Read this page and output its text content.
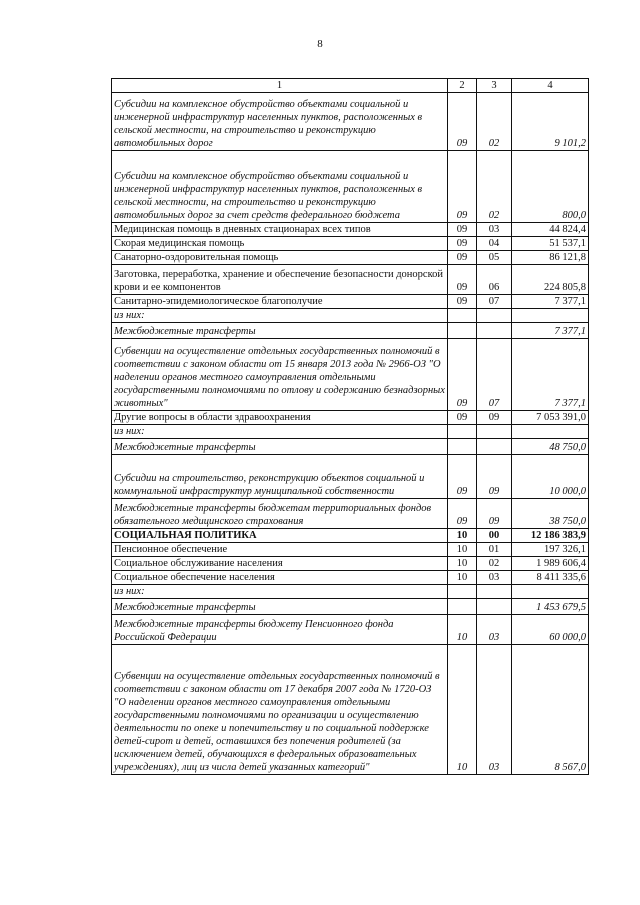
8
1	2	3	4
Субсидии на комплексное обустройство объектами социальной и инженерной инфраструктур населенных пунктов, расположенных в сельской местности, на строительство и реконструкцию автомобильных дорог	09	02	9 101,2
Субсидии на комплексное обустройство объектами социальной и инженерной инфраструктур населенных пунктов, расположенных в сельской местности, на строительство и реконструкцию автомобильных дорог за счет средств федерального бюджета	09	02	800,0
Медицинская помощь в дневных стационарах всех типов	09	03	44 824,4
Скорая медицинская помощь	09	04	51 537,1
Санаторно-оздоровительная помощь	09	05	86 121,8
Заготовка, переработка, хранение и обеспечение безопасности донорской крови и ее компонентов	09	06	224 805,8
Санитарно-эпидемиологическое благополучие	09	07	7 377,1
из них:			
Межбюджетные трансферты			7 377,1
Субвенции на осуществление отдельных государственных полномочий в соответствии с законом области от 15 января 2013 года № 2966-ОЗ "О наделении органов местного самоуправления отдельными государственными полномочиями по отлову и содержанию безнадзорных животных"	09	07	7 377,1
Другие вопросы в области здравоохранения	09	09	7 053 391,0
из них:			
Межбюджетные трансферты			48 750,0
Субсидии на строительство, реконструкцию объектов социальной и коммунальной инфраструктур муниципальной собственности	09	09	10 000,0
Межбюджетные трансферты бюджетам территориальных фондов обязательного медицинского страхования	09	09	38 750,0
СОЦИАЛЬНАЯ ПОЛИТИКА	10	00	12 186 383,9
Пенсионное обеспечение	10	01	197 326,1
Социальное обслуживание населения	10	02	1 989 606,4
Социальное обеспечение населения	10	03	8 411 335,6
из них:			
Межбюджетные трансферты			1 453 679,5
Межбюджетные трансферты бюджету Пенсионного фонда Российской Федерации	10	03	60 000,0
Субвенции на осуществление отдельных государственных полномочий в соответствии с законом области от 17 декабря 2007 года № 1720-ОЗ "О наделении органов местного самоуправления отдельными государственными полномочиями по организации и осуществлению деятельности по опеке и попечительству и по социальной поддержке детей-сирот и детей, оставшихся без попечения родителей (за исключением детей, обучающихся в федеральных образовательных учреждениях), лиц из числа детей указанных категорий"	10	03	8 567,0
